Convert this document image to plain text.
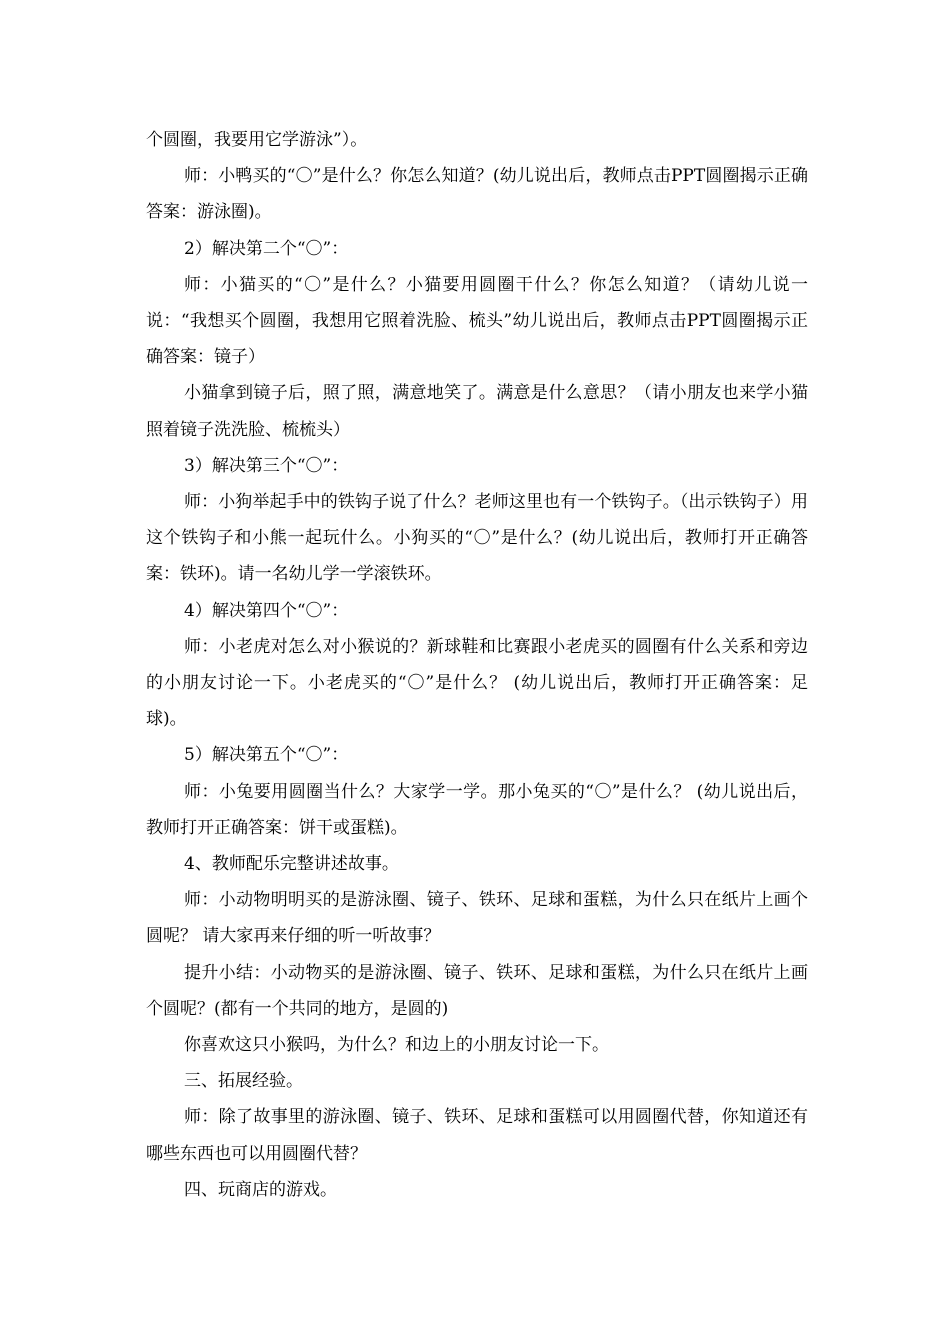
个圆圈，我要用它学游泳”）。

师：小鸭买的“〇”是什么？你怎么知道？(幼儿说出后，教师点击PPT圆圈揭示正确答案：游泳圈)。

2）解决第二个“〇”：

师：小猫买的“〇”是什么？小猫要用圆圈干什么？你怎么知道？（请幼儿说一说：“我想买个圆圈，我想用它照着洗脸、梳头”幼儿说出后，教师点击PPT圆圈揭示正确答案：镜子）

小猫拿到镜子后，照了照，满意地笑了。满意是什么意思？（请小朋友也来学小猫照着镜子洗洗脸、梳梳头）

3）解决第三个“〇”：

师：小狗举起手中的铁钩子说了什么？老师这里也有一个铁钩子。（出示铁钩子）用这个铁钩子和小熊一起玩什么。小狗买的“〇”是什么？(幼儿说出后，教师打开正确答案：铁环)。请一名幼儿学一学滚铁环。

4）解决第四个“〇”：

师：小老虎对怎么对小猴说的？新球鞋和比赛跟小老虎买的圆圈有什么关系和旁边的小朋友讨论一下。小老虎买的“〇”是什么？ (幼儿说出后，教师打开正确答案：足球)。

5）解决第五个“〇”：

师：小兔要用圆圈当什么？大家学一学。那小兔买的“〇”是什么？ (幼儿说出后，教师打开正确答案：饼干或蛋糕)。

4、教师配乐完整讲述故事。

师：小动物明明买的是游泳圈、镜子、铁环、足球和蛋糕，为什么只在纸片上画个圆呢？ 请大家再来仔细的听一听故事？

提升小结：小动物买的是游泳圈、镜子、铁环、足球和蛋糕，为什么只在纸片上画个圆呢？(都有一个共同的地方，是圆的)

你喜欢这只小猴吗，为什么？和边上的小朋友讨论一下。

三、拓展经验。

师：除了故事里的游泳圈、镜子、铁环、足球和蛋糕可以用圆圈代替，你知道还有哪些东西也可以用圆圈代替？

四、玩商店的游戏。
